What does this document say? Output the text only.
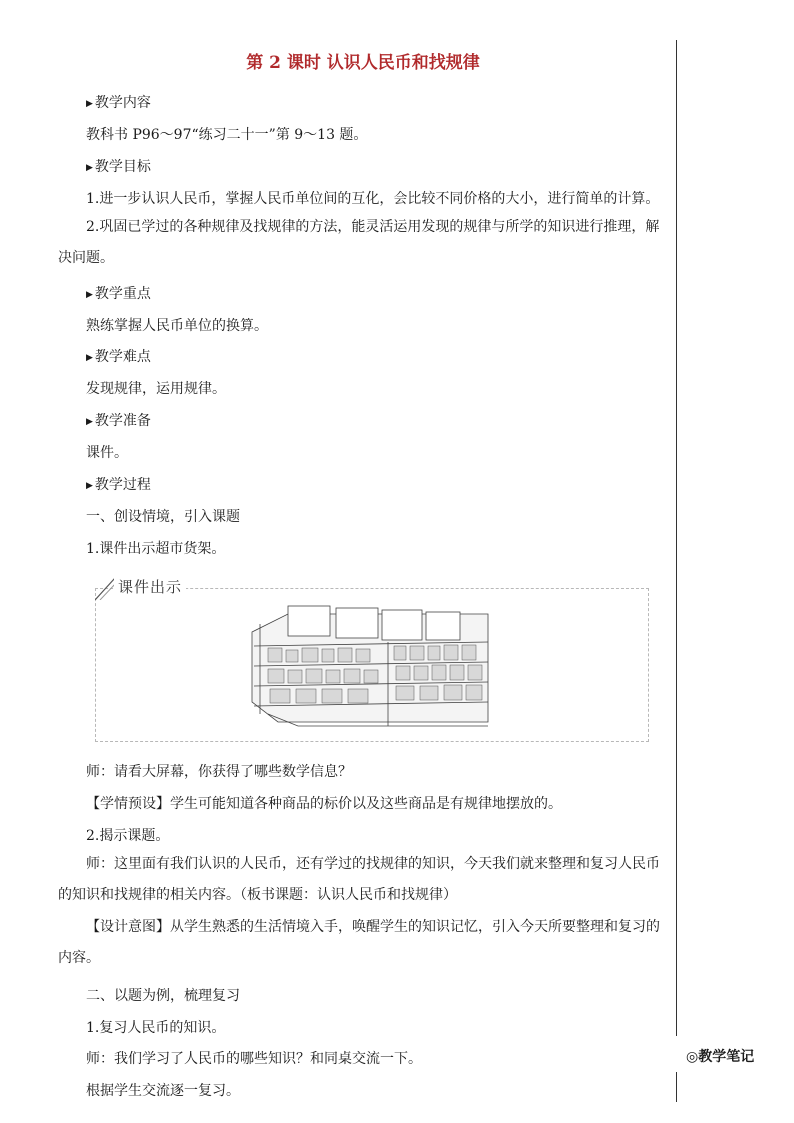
第 2 课时 认识人民币和找规律
▶ 教学内容
教科书 P96～97“练习二十一”第 9～13 题。
▶ 教学目标
1.进一步认识人民币，掌握人民币单位间的互化，会比较不同价格的大小，进行简单的计算。
2.巩固已学过的各种规律及找规律的方法，能灵活运用发现的规律与所学的知识进行推理，解决问题。
▶ 教学重点
熟练掌握人民币单位的换算。
▶ 教学难点
发现规律，运用规律。
▶ 教学准备
课件。
▶ 教学过程
一、创设情境，引入课题
1.课件出示超市货架。
课件出示
师：请看大屏幕，你获得了哪些数学信息？
【学情预设】学生可能知道各种商品的标价以及这些商品是有规律地摆放的。
2.揭示课题。
师：这里面有我们认识的人民币，还有学过的找规律的知识，今天我们就来整理和复习人民币的知识和找规律的相关内容。（板书课题：认识人民币和找规律）
【设计意图】从学生熟悉的生活情境入手，唤醒学生的知识记忆，引入今天所要整理和复习的内容。
二、以题为例，梳理复习
1.复习人民币的知识。
师：我们学习了人民币的哪些知识？和同桌交流一下。
根据学生交流逐一复习。
◎教学笔记
